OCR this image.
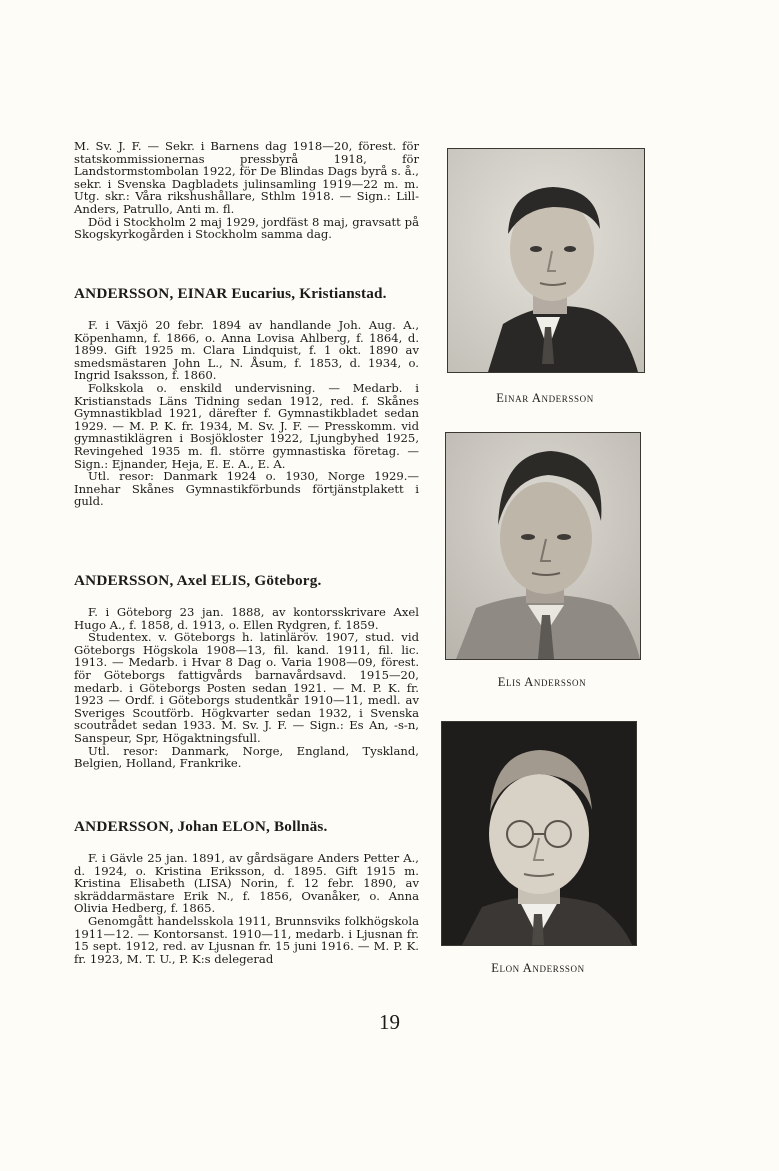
M. Sv. J. F. — Sekr. i Barnens dag 1918—20, förest. för statskommissionernas pressbyrå 1918, för Landstormstombolan 1922, för De Blindas Dags byrå s. å., sekr. i Svenska Dagbladets julinsamling 1919—22 m. m. Utg. skr.: Våra rikshushållare, Sthlm 1918. — Sign.: Lill-Anders, Patrullo, Anti m. fl.

Död i Stockholm 2 maj 1929, jordfäst 8 maj, gravsatt på Skogskyrkogården i Stockholm samma dag.

ANDERSSON, EINAR Eucarius, Kristianstad.

F. i Växjö 20 febr. 1894 av handlande Joh. Aug. A., Köpenhamn, f. 1866, o. Anna Lovisa Ahlberg, f. 1864, d. 1899. Gift 1925 m. Clara Lindquist, f. 1 okt. 1890 av smedsmästaren John L., N. Åsum, f. 1853, d. 1934, o. Ingrid Isaksson, f. 1860.

Folkskola o. enskild undervisning. — Medarb. i Kristianstads Läns Tidning sedan 1912, red. f. Skånes Gymnastikblad 1921, därefter f. Gymnastikbladet sedan 1929. — M. P. K. fr. 1934, M. Sv. J. F. — Presskomm. vid gymnastiklägren i Bosjökloster 1922, Ljungbyhed 1925, Revingehed 1935 m. fl. större gymnastiska företag. — Sign.: Ejnander, Heja, E. E. A., E. A.

Utl. resor: Danmark 1924 o. 1930, Norge 1929.— Innehar Skånes Gymnastikförbunds förtjänstplakett i guld.

ANDERSSON, Axel ELIS, Göteborg.

F. i Göteborg 23 jan. 1888, av kontorsskrivare Axel Hugo A., f. 1858, d. 1913, o. Ellen Rydgren, f. 1859.

Studentex. v. Göteborgs h. latinläröv. 1907, stud. vid Göteborgs Högskola 1908—13, fil. kand. 1911, fil. lic. 1913. — Medarb. i Hvar 8 Dag o. Varia 1908—09, förest. för Göteborgs fattigvårds barnavårdsavd. 1915—20, medarb. i Göteborgs Posten sedan 1921. — M. P. K. fr. 1923 — Ordf. i Göteborgs studentkår 1910—11, medl. av Sveriges Scoutförb. Högkvarter sedan 1932, i Svenska scoutrådet sedan 1933. M. Sv. J. F. — Sign.: Es An, -s-n, Sanspeur, Spr, Högaktningsfull.

Utl. resor: Danmark, Norge, England, Tyskland, Belgien, Holland, Frankrike.

ANDERSSON, Johan ELON, Bollnäs.

F. i Gävle 25 jan. 1891, av gårdsägare Anders Petter A., d. 1924, o. Kristina Eriksson, d. 1895. Gift 1915 m. Kristina Elisabeth (LISA) Norin, f. 12 febr. 1890, av skräddarmästare Erik N., f. 1856, Ovanåker, o. Anna Olivia Hedberg, f. 1865.

Genomgått handelsskola 1911, Brunnsviks folkhögskola 1911—12. — Kontorsanst. 1910—11, medarb. i Ljusnan fr. 15 sept. 1912, red. av Ljusnan fr. 15 juni 1916. — M. P. K. fr. 1923, M. T. U., P. K:s delegerad

Einar Andersson
Elis Andersson
Elon Andersson
19
